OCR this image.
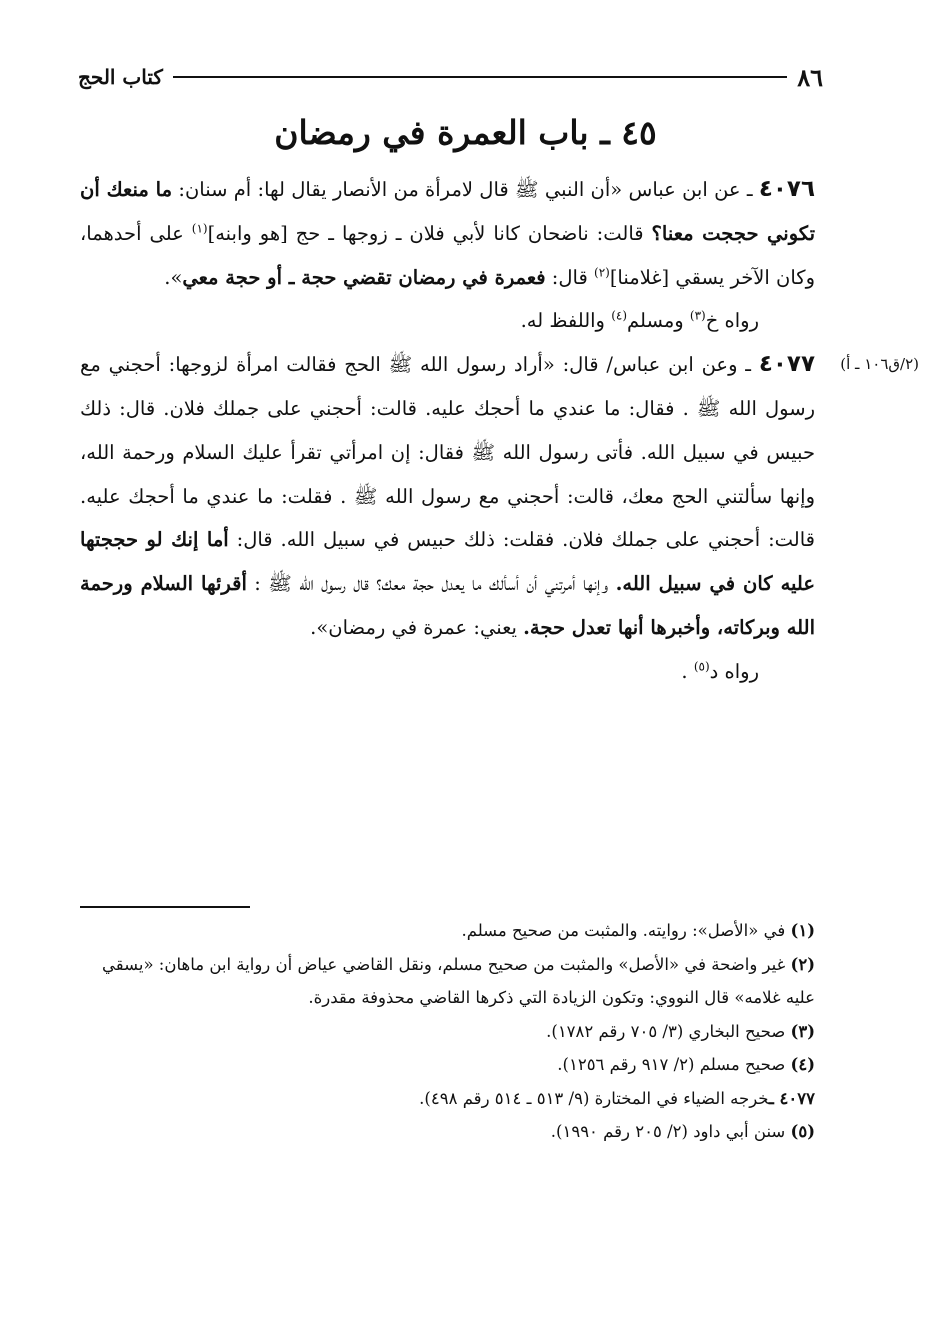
٨٦
كتاب الحج
٤٥ ـ باب العمرة في رمضان

٤٠٧٦ ـ عن ابن عباس «أن النبي ﷺ قال لامرأة من الأنصار يقال لها: أم سنان: ما منعك أن تكوني حججت معنا؟ قالت: ناضحان كانا لأبي فلان ـ زوجها ـ حج [هو وابنه]$^{(١)}$ على أحدهما، وكان الآخر يسقي [غلامنا]$^{(٢)}$ قال: فعمرة في رمضان تقضي حجة ـ أو حجة معي».

رواه خ$^{(٣)}$ ومسلم$^{(٤)}$ واللفظ له.

(٢/ق١٠٦ ـ أ)
٤٠٧٧ ـ وعن ابن عباس/ قال: «أراد رسول الله ﷺ الحج فقالت امرأة لزوجها: أحجني مع رسول الله ﷺ . فقال: ما عندي ما أحجك عليه. قالت: أحجني على جملك فلان. قال: ذلك حبيس في سبيل الله. فأتى رسول الله ﷺ فقال: إن امرأتي تقرأ عليك السلام ورحمة الله، وإنها سألتني الحج معك، قالت: أحجني مع رسول الله ﷺ . فقلت: ما عندي ما أحجك عليه. قالت: أحجني على جملك فلان. فقلت: ذلك حبيس في سبيل الله. قال: أما إنك لو حججتها عليه كان في سبيل الله. وإنها أمرتني أن أسألك ما يعدل حجة معك؟ قال رسول الله ﷺ : أقرئها السلام ورحمة الله وبركاته، وأخبرها أنها تعدل حجة. يعني: عمرة في رمضان».

رواه د$^{(٥)}$ .

(١) في «الأصل»: روايته. والمثبت من صحيح مسلم.

(٢) غير واضحة في «الأصل» والمثبت من صحيح مسلم، ونقل القاضي عياض أن رواية ابن ماهان: «يسقي عليه غلامه» قال النووي: وتكون الزيادة التي ذكرها القاضي محذوفة مقدرة.

(٣) صحيح البخاري (٣/ ٧٠٥ رقم ١٧٨٢).

(٤) صحيح مسلم (٢/ ٩١٧ رقم ١٢٥٦).

٤٠٧٧ ـخرجه الضياء في المختارة (٩/ ٥١٣ ـ ٥١٤ رقم ٤٩٨).

(٥) سنن أبي داود (٢/ ٢٠٥ رقم ١٩٩٠).
